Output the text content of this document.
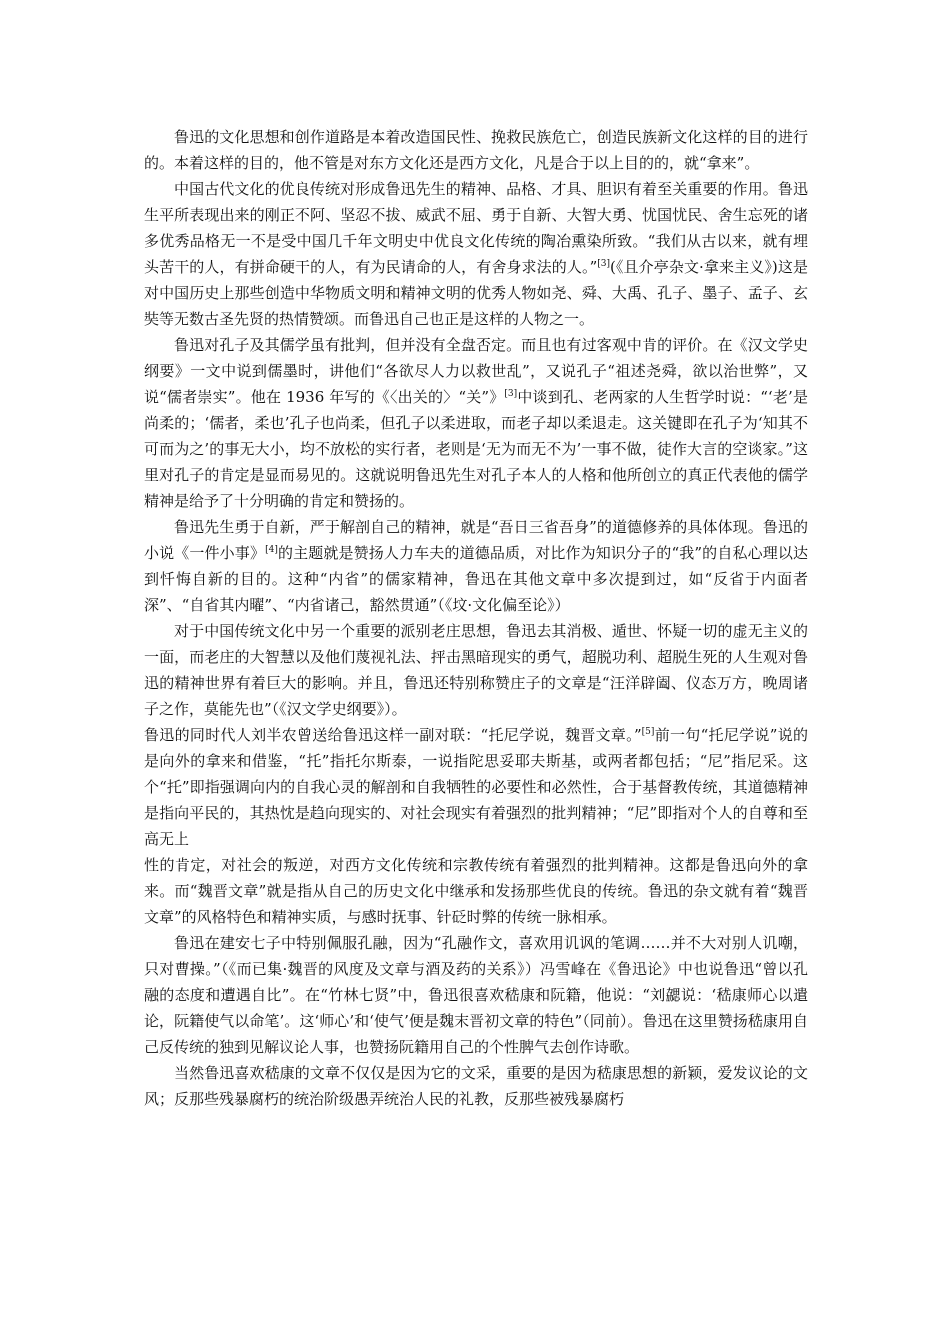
鲁迅的文化思想和创作道路是本着改造国民性、挽救民族危亡，创造民族新文化这样的目的进行的。本着这样的目的，他不管是对东方文化还是西方文化，凡是合于以上目的的，就“拿来”。

中国古代文化的优良传统对形成鲁迅先生的精神、品格、才具、胆识有着至关重要的作用。鲁迅生平所表现出来的刚正不阿、坚忍不拔、威武不屈、勇于自新、大智大勇、忧国忧民、舍生忘死的诸多优秀品格无一不是受中国几千年文明史中优良文化传统的陶冶熏染所致。“我们从古以来，就有埋头苦干的人，有拼命硬干的人，有为民请命的人，有舍身求法的人。”[3](《且介亭杂文·拿来主义》)这是对中国历史上那些创造中华物质文明和精神文明的优秀人物如尧、舜、大禹、孔子、墨子、孟子、玄奘等无数古圣先贤的热情赞颂。而鲁迅自己也正是这样的人物之一。

鲁迅对孔子及其儒学虽有批判，但并没有全盘否定。而且也有过客观中肯的评价。在《汉文学史纲要》一文中说到儒墨时，讲他们“各欲尽人力以救世乱”，又说孔子“祖述尧舜，欲以治世弊”，又说“儒者崇实”。他在 1936 年写的《〈出关的〉“关”》[3]中谈到孔、老两家的人生哲学时说：“‘老’是尚柔的；‘儒者，柔也’孔子也尚柔，但孔子以柔进取，而老子却以柔退走。这关键即在孔子为‘知其不可而为之’的事无大小，均不放松的实行者，老则是‘无为而无不为’一事不做，徒作大言的空谈家。”这里对孔子的肯定是显而易见的。这就说明鲁迅先生对孔子本人的人格和他所创立的真正代表他的儒学精神是给予了十分明确的肯定和赞扬的。

鲁迅先生勇于自新，严于解剖自己的精神，就是“吾日三省吾身”的道德修养的具体体现。鲁迅的小说《一件小事》[4]的主题就是赞扬人力车夫的道德品质，对比作为知识分子的“我”的自私心理以达到忏悔自新的目的。这种“内省”的儒家精神，鲁迅在其他文章中多次提到过，如“反省于内面者深”、“自省其内曜”、“内省诸己，豁然贯通”（《坟·文化偏至论》）

对于中国传统文化中另一个重要的派别老庄思想，鲁迅去其消极、遁世、怀疑一切的虚无主义的一面，而老庄的大智慧以及他们蔑视礼法、抨击黑暗现实的勇气，超脱功利、超脱生死的人生观对鲁迅的精神世界有着巨大的影响。并且，鲁迅还特别称赞庄子的文章是“汪洋辟阖、仪态万方，晚周诸子之作，莫能先也”（《汉文学史纲要》）。

鲁迅的同时代人刘半农曾送给鲁迅这样一副对联：“托尼学说，魏晋文章。”[5]前一句“托尼学说”说的是向外的拿来和借鉴，“托”指托尔斯泰，一说指陀思妥耶夫斯基，或两者都包括；“尼”指尼采。这个“托”即指强调向内的自我心灵的解剖和自我牺牲的必要性和必然性，合于基督教传统，其道德精神是指向平民的，其热忱是趋向现实的、对社会现实有着强烈的批判精神；“尼”即指对个人的自尊和至高无上

性的肯定，对社会的叛逆，对西方文化传统和宗教传统有着强烈的批判精神。这都是鲁迅向外的拿来。而“魏晋文章”就是指从自己的历史文化中继承和发扬那些优良的传统。鲁迅的杂文就有着“魏晋文章”的风格特色和精神实质，与感时抚事、针砭时弊的传统一脉相承。

鲁迅在建安七子中特别佩服孔融，因为“孔融作文，喜欢用讥讽的笔调……并不大对别人讥嘲，只对曹操。”（《而已集·魏晋的风度及文章与酒及药的关系》）冯雪峰在《鲁迅论》中也说鲁迅“曾以孔融的态度和遭遇自比”。在“竹林七贤”中，鲁迅很喜欢嵇康和阮籍，他说：“刘勰说：‘嵇康师心以遣论，阮籍使气以命笔’。这‘师心’和‘使气’便是魏末晋初文章的特色”（同前）。鲁迅在这里赞扬嵇康用自己反传统的独到见解议论人事，也赞扬阮籍用自己的个性脾气去创作诗歌。

当然鲁迅喜欢嵇康的文章不仅仅是因为它的文采，重要的是因为嵇康思想的新颖，爱发议论的文风；反那些残暴腐朽的统治阶级愚弄统治人民的礼教，反那些被残暴腐朽
